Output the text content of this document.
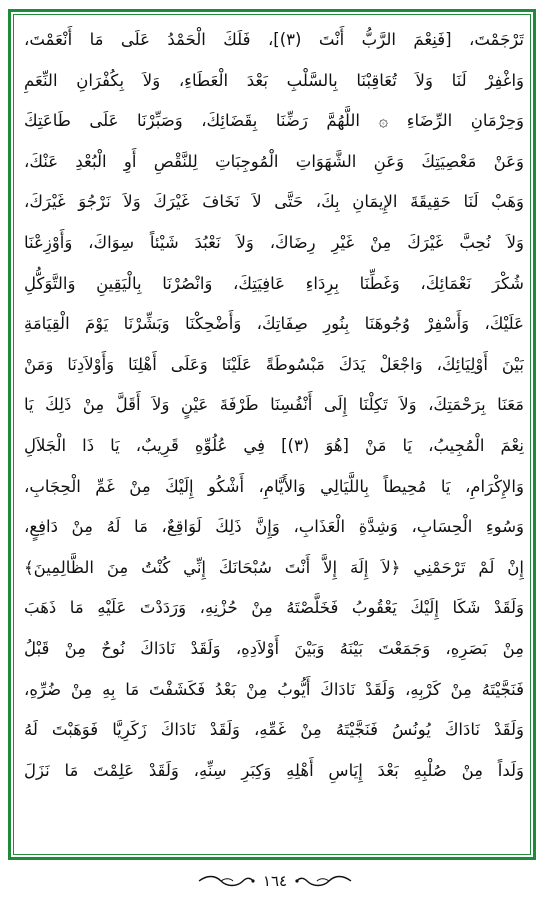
تَرْجَمْتَ، [فَنِعْمَ الرَّبُّ أَنْتَ (٣)]، فَلَكَ الْحَمْدُ عَلَى مَا أَنْعَمْتَ،
وَاغْفِرْ لَنَا وَلاَ تُعَاقِبْنَا بِالسَّلْبِ بَعْدَ الْعَطَاءِ، وَلاَ بِكُفْرَانِ النِّعَمِ
وَحِرْمَانِ الرِّضَاءِ ۞ اللَّهُمَّ رَضِّنَا بِقَضَائِكَ، وَصَبِّرْنَا عَلَى طَاعَتِكَ
وَعَنْ مَعْصِيَتِكَ وَعَنِ الشَّهَوَاتِ الْمُوجِبَاتِ لِلنَّقْصِ أَوِ الْبُعْدِ عَنْكَ،
وَهَبْ لَنَا حَقِيقَةَ الإِيمَانِ بِكَ، حَتَّى لاَ نَخَافَ غَيْرَكَ وَلاَ نَرْجُوَ غَيْرَكَ،
وَلاَ نُحِبَّ غَيْرَكَ مِنْ غَيْرِ رِضَاكَ، وَلاَ نَعْبُدَ شَيْئاً سِوَاكَ، وَأَوْزِعْنَا
شُكْرَ نَعْمَائِكَ، وَغَطِّنَا بِرِدَاءِ عَافِيَتِكَ، وَانْصُرْنَا بِالْيَقِينِ وَالتَّوَكُّلِ
عَلَيْكَ، وَأَسْفِرْ وُجُوهَنَا بِنُورِ صِفَاتِكَ، وَأَضْحِكْنَا وَبَشِّرْنَا يَوْمَ الْقِيَامَةِ
بَيْنَ أَوْلِيَائِكَ، وَاجْعَلْ يَدَكَ مَبْسُوطَةً عَلَيْنَا وَعَلَى أَهْلِنَا وَأَوْلاَدِنَا وَمَنْ
مَعَنَا بِرَحْمَتِكَ، وَلاَ تَكِلْنَا إِلَى أَنْفُسِنَا طَرْفَةَ عَيْنٍ وَلاَ أَقَلَّ مِنْ ذَلِكَ يَا
نِعْمَ الْمُجِيبُ، يَا مَنْ [هُوَ (٣)] فِي عُلُوِّهِ قَرِيبٌ، يَا ذَا الْجَلاَلِ
وَالإِكْرَامِ، يَا مُحِيطاً بِاللَّيَالِي وَالأَيَّامِ، أَشْكُو إِلَيْكَ مِنْ غَمِّ الْحِجَابِ،
وَسُوءِ الْحِسَابِ، وَشِدَّةِ الْعَذَابِ، وَإِنَّ ذَلِكَ لَوَاقِعٌ، مَا لَهُ مِنْ دَافِعٍ،
إِنْ لَمْ تَرْحَمْنِي ﴿لاَ إِلَهَ إِلاَّ أَنْتَ سُبْحَانَكَ إِنِّي كُنْتُ مِنَ الظَّالِمِينَ﴾
وَلَقَدْ شَكَا إِلَيْكَ يَعْقُوبُ فَخَلَّصْتَهُ مِنْ حُزْنِهِ، وَرَدَدْتَ عَلَيْهِ مَا ذَهَبَ
مِنْ بَصَرِهِ، وَجَمَعْتَ بَيْنَهُ وَبَيْنَ أَوْلاَدِهِ، وَلَقَدْ نَادَاكَ نُوحٌ مِنْ قَبْلُ
فَنَجَّيْتَهُ مِنْ كَرْبِهِ، وَلَقَدْ نَادَاكَ أَيُّوبُ مِنْ بَعْدُ فَكَشَفْتَ مَا بِهِ مِنْ ضُرِّهِ،
وَلَقَدْ نَادَاكَ يُونُسُ فَنَجَّيْتَهُ مِنْ غَمِّهِ، وَلَقَدْ نَادَاكَ زَكَرِيَّا فَوَهَبْتَ لَهُ
وَلَداً مِنْ صُلْبِهِ بَعْدَ إِيَاسِ أَهْلِهِ وَكِبَرِ سِنِّهِ، وَلَقَدْ عَلِمْتَ مَا نَزَلَ
١٦٤
